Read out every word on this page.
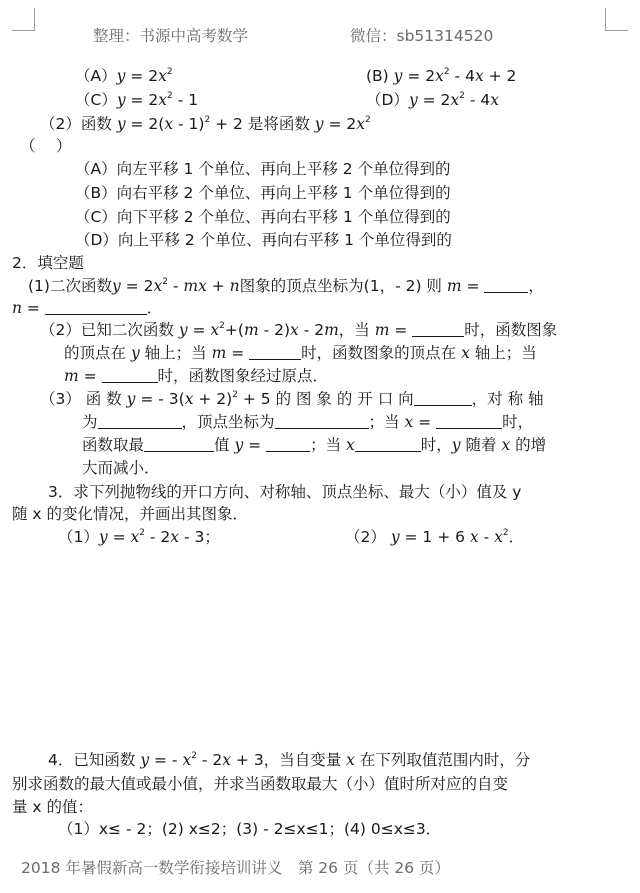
整理：书源中高考数学	微信：sb51314520
$(A)y = 2x^2$	(B) $y = 2x^2 - 4x + 2$
$(C)y = 2x^2 - 1$	$(D)y = 2x^2 - 4x$
（2）函数 y = 2(x - 1)$^2$ + 2 是将函数 $y = 2x^2$
（　 ）
（A）向左平移 1 个单位、再向上平移 2 个单位得到的
（B）向右平移 2 个单位、再向上平移 1 个单位得到的
（C）向下平移 2 个单位、再向右平移 1 个单位得到的
（D）向上平移 2 个单位、再向右平移 1 个单位得到的
2．填空题
(1)二次函数$y = 2x^2$ - mx + n图象的顶点坐标为(1，- 2) 则 m =	，
n =	．
（2）已知二次函数 $y = x^2+(m - 2)x - 2m$，当 m =	时，函数图象
的顶点在 y 轴上；当 m =	时，函数图象的顶点在 x 轴上；当
m =	时，函数图象经过原点．
（3） 函 数 y = - $3(x + 2)^2 + 5$ 的 图 象 的 开 口 向	，对 称 轴
为	，顶点坐标为	；当 x =	时，
函数取最	值 y =	；当 x	时，y 随着 x 的增
大而减小．
3．求下列抛物线的开口方向、对称轴、顶点坐标、最大（小）值及 y
随 x 的变化情况，并画出其图象．
$(1)y = x^2 - 2x - 3$；	（2） y = 1 + 6 x - $x^2$．
4．已知函数 y = - $x^2 - 2x + 3$，当自变量 x 在下列取值范围内时，分
别求函数的最大值或最小值，并求当函数取最大（小）值时所对应的自变
量 x 的值：
（1）x≤ - 2；(2) x≤2；(3) - 2≤x≤1；(4) 0≤x≤3．
2018 年暑假新高一数学衔接培训讲义　第 26 页（共 26 页）
